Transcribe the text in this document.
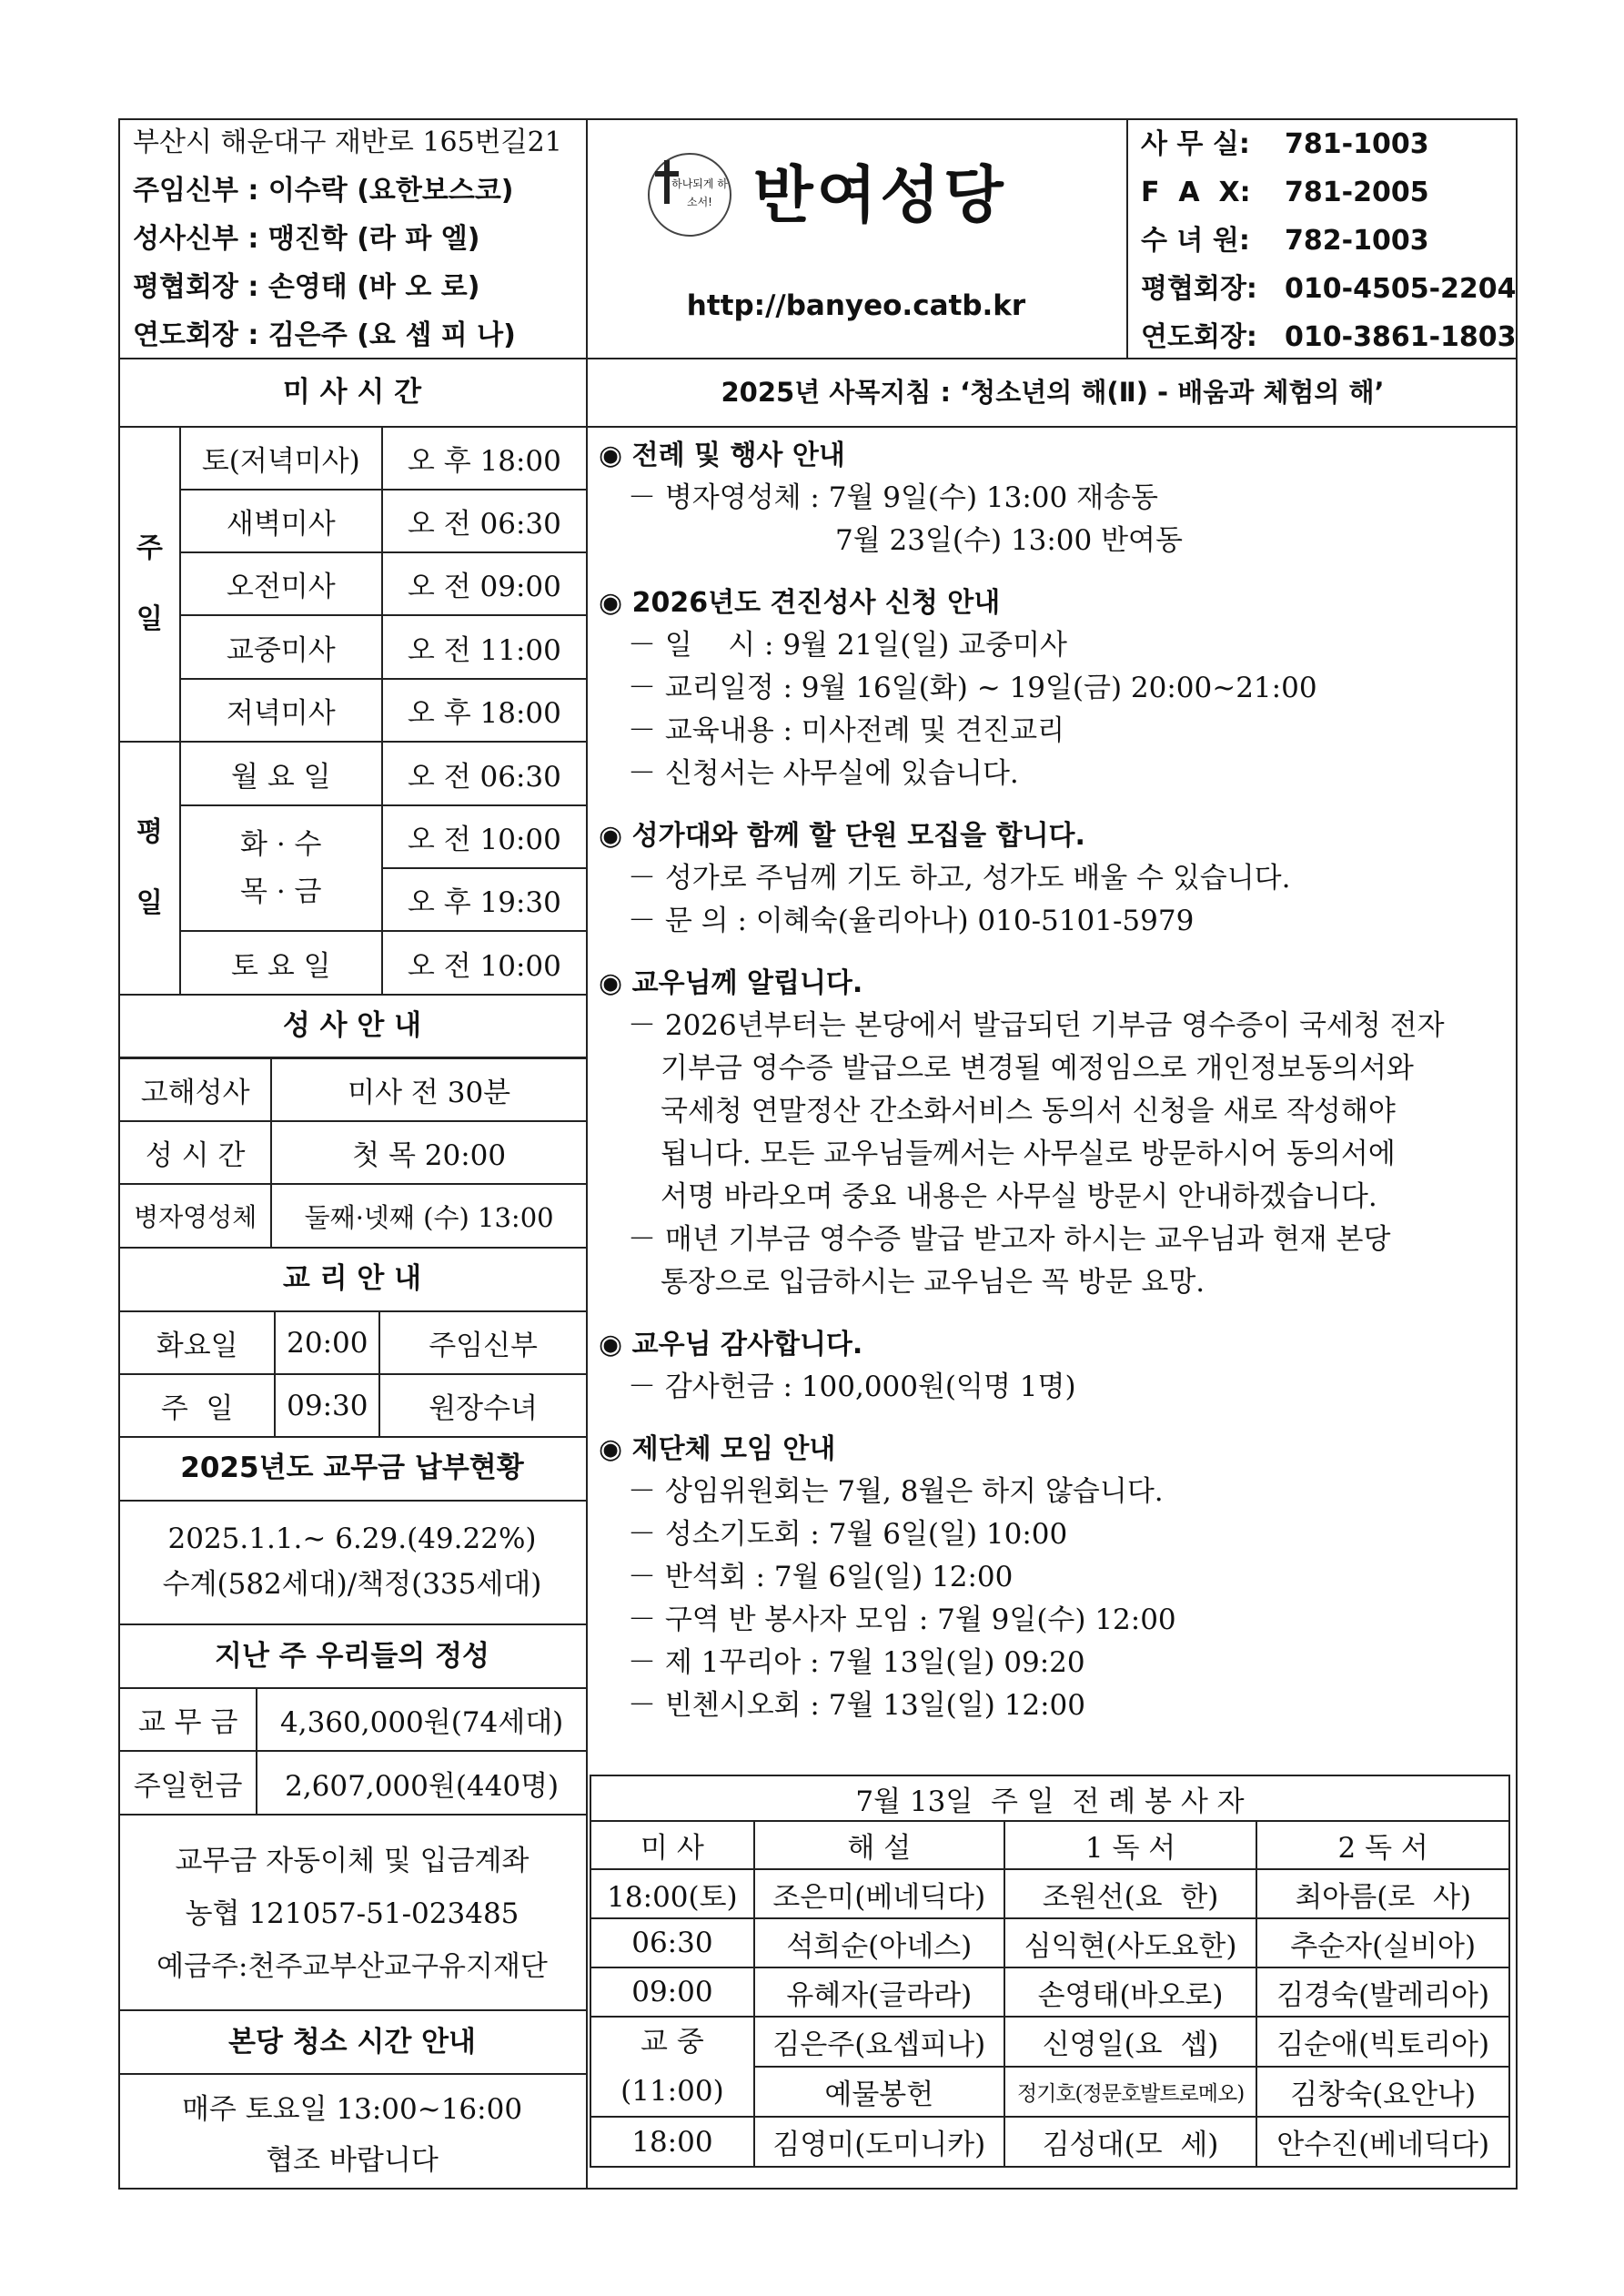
부산시 해운대구 재반로 165번길21
주임신부 : 이수락 (요한보스코)
성사신부 : 맹진학 (라 파 엘)
평협회장 : 손영태 (바 오 로)
연도회장 : 김은주 (요 셉 피 나)
하나되게 하소서! 반여성당
http://banyeo.catb.kr
사 무 실: 781-1003
F  A  X: 781-2005
수 녀 원: 782-1003
평협회장: 010-4505-2204
연도회장: 010-3861-1803
미 사 시 간	2025년 사목지침 : ‘청소년의 해(Ⅱ) - 배움과 체험의 해’
주일	토(저녁미사)	오 후 18:00
	새벽미사	오 전 06:30
	오전미사	오 전 09:00
	교중미사	오 전 11:00
	저녁미사	오 후 18:00
평일	월 요 일	오 전 06:30

	화 · 수
목 · 금	오 전 10:00
		오 후 19:30
	토 요 일	오 전 10:00
성 사 안 내
고해성사	미사 전 30분
성 시 간	첫 목 20:00
병자영성체	둘째·넷째 (수) 13:00
교 리 안 내
화요일	20:00	주임신부
주  일	09:30	원장수녀
2025년도 교무금 납부현황
2025.1.1.~ 6.29.(49.22%)
수계(582세대)/책정(335세대)
지난 주 우리들의 정성
교 무 금	4,360,000원(74세대)
주일헌금	2,607,000원(440명)
교무금 자동이체 및 입금계좌
농협 121057-51-023485
예금주:천주교부산교구유지재단
본당 청소 시간 안내
매주 토요일 13:00~16:00
협조 바랍니다
◉ 전례 및 행사 안내
－ 병자영성체 : 7월 9일(수) 13:00 재송동
7월 23일(수) 13:00 반여동
◉ 2026년도 견진성사 신청 안내
－ 일    시 : 9월 21일(일) 교중미사
－ 교리일정 : 9월 16일(화) ~ 19일(금) 20:00~21:00
－ 교육내용 : 미사전례 및 견진교리
－ 신청서는 사무실에 있습니다.
◉ 성가대와 함께 할 단원 모집을 합니다.
－ 성가로 주님께 기도 하고, 성가도 배울 수 있습니다.
－ 문 의 : 이혜숙(율리아나) 010-5101-5979
◉ 교우님께 알립니다.
－ 2026년부터는 본당에서 발급되던 기부금 영수증이 국세청 전자
기부금 영수증 발급으로 변경될 예정임으로 개인정보동의서와
국세청 연말정산 간소화서비스 동의서 신청을 새로 작성해야
됩니다. 모든 교우님들께서는 사무실로 방문하시어 동의서에
서명 바라오며 중요 내용은 사무실 방문시 안내하겠습니다.
－ 매년 기부금 영수증 발급 받고자 하시는 교우님과 현재 본당
통장으로 입금하시는 교우님은 꼭 방문 요망.
◉ 교우님 감사합니다.
－ 감사헌금 : 100,000원(익명 1명)
◉ 제단체 모임 안내
－ 상임위원회는 7월, 8월은 하지 않습니다.
－ 성소기도회 : 7월 6일(일) 10:00
－ 반석회 : 7월 6일(일) 12:00
－ 구역 반 봉사자 모임 : 7월 9일(수) 12:00
－ 제 1꾸리아 : 7월 13일(일) 09:20
－ 빈첸시오회 : 7월 13일(일) 12:00
7월 13일  주 일  전 례 봉 사 자			
미 사	해 설	1 독 서	2 독 서
18:00(토)	조은미(베네딕다)	조원선(요  한)	최아름(로  사)
06:30	석희순(아네스)	심익현(사도요한)	추순자(실비아)
09:00	유혜자(글라라)	손영태(바오로)	김경숙(발레리아)
교 중
(11:00)	김은주(요셉피나)	신영일(요  셉)	김순애(빅토리아)
	예물봉헌	정기호(정문호발트로메오)	김창숙(요안나)
18:00	김영미(도미니카)	김성대(모  세)	안수진(베네딕다)
